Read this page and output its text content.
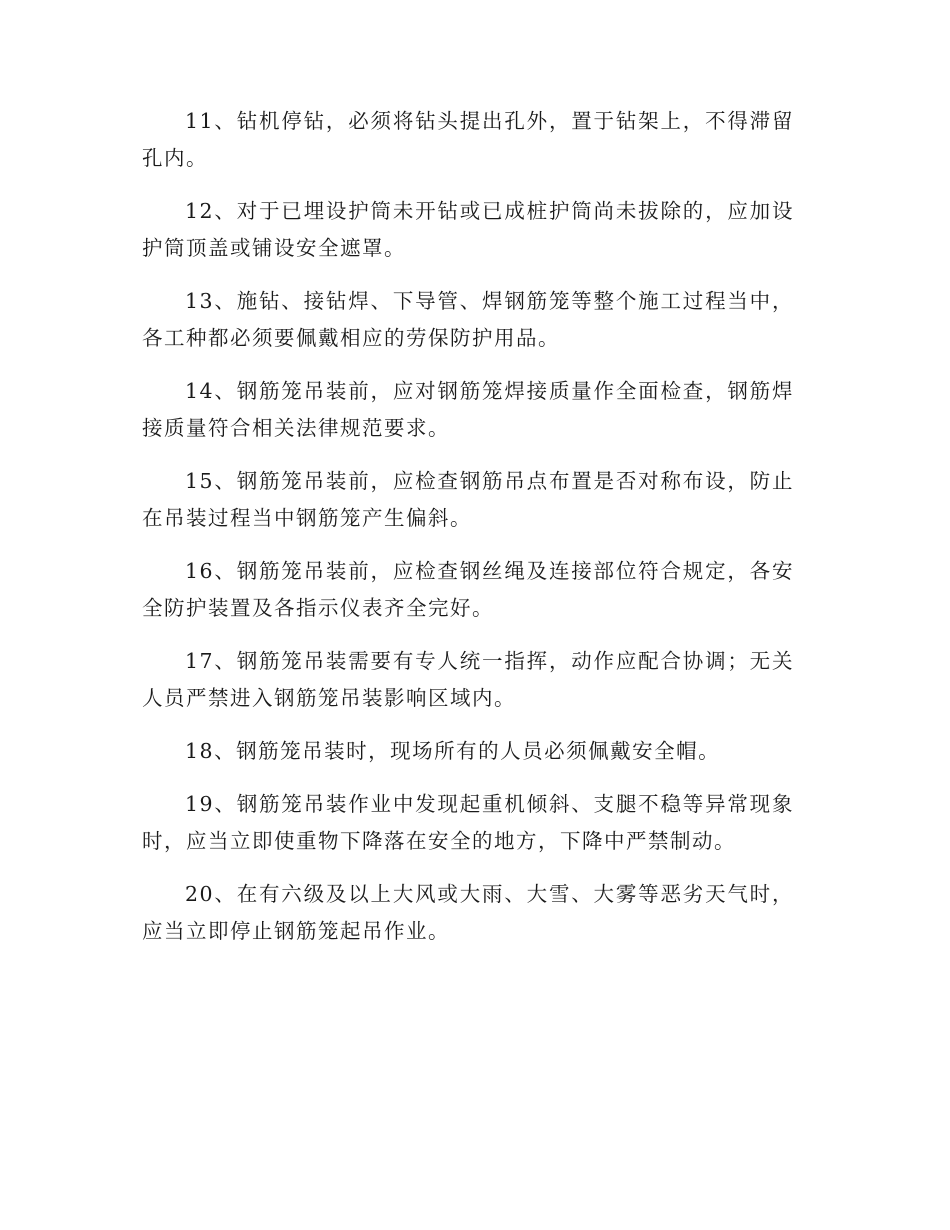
11、钻机停钻，必须将钻头提出孔外，置于钻架上，不得滞留孔内。

12、对于已埋设护筒未开钻或已成桩护筒尚未拔除的，应加设护筒顶盖或铺设安全遮罩。

13、施钻、接钻焊、下导管、焊钢筋笼等整个施工过程当中，各工种都必须要佩戴相应的劳保防护用品。

14、钢筋笼吊装前，应对钢筋笼焊接质量作全面检查，钢筋焊接质量符合相关法律规范要求。

15、钢筋笼吊装前，应检查钢筋吊点布置是否对称布设，防止在吊装过程当中钢筋笼产生偏斜。

16、钢筋笼吊装前，应检查钢丝绳及连接部位符合规定，各安全防护装置及各指示仪表齐全完好。

17、钢筋笼吊装需要有专人统一指挥，动作应配合协调；无关人员严禁进入钢筋笼吊装影响区域内。

18、钢筋笼吊装时，现场所有的人员必须佩戴安全帽。

19、钢筋笼吊装作业中发现起重机倾斜、支腿不稳等异常现象时，应当立即使重物下降落在安全的地方，下降中严禁制动。

20、在有六级及以上大风或大雨、大雪、大雾等恶劣天气时，应当立即停止钢筋笼起吊作业。
